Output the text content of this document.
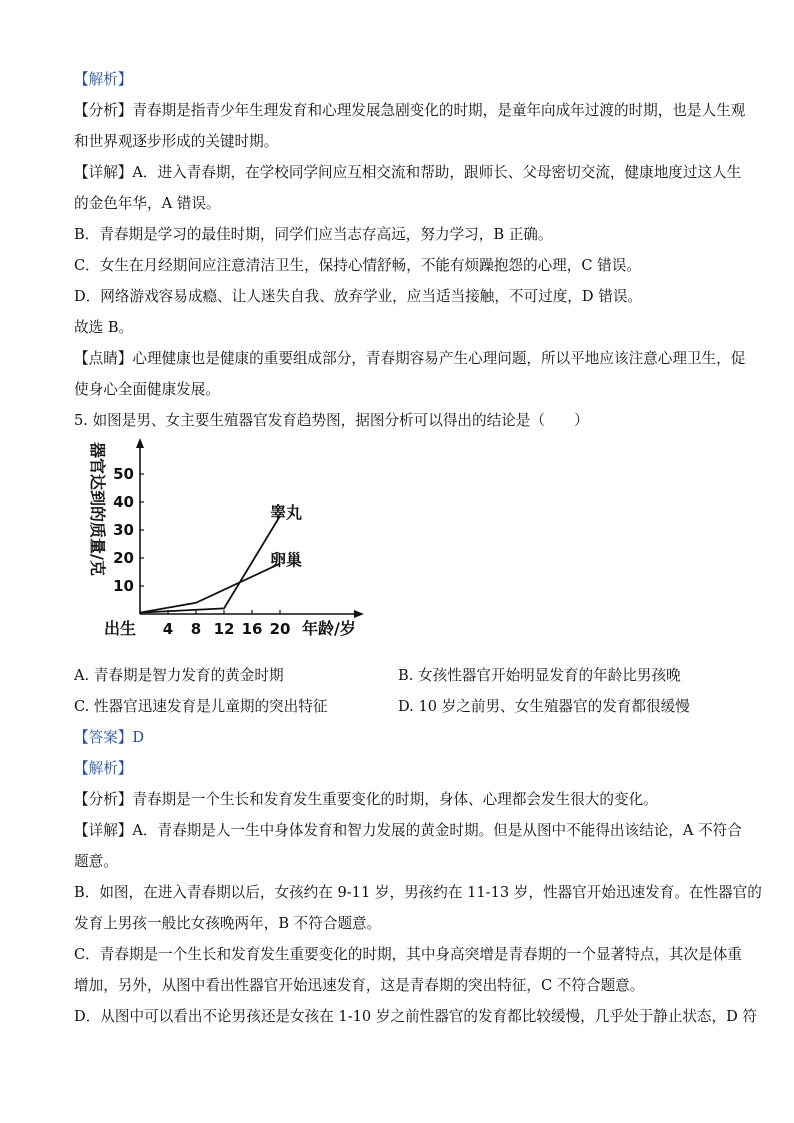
【解析】
【分析】青春期是指青少年生理发育和心理发展急剧变化的时期，是童年向成年过渡的时期，也是人生观
和世界观逐步形成的关键时期。
【详解】A．进入青春期，在学校同学间应互相交流和帮助，跟师长、父母密切交流，健康地度过这人生
的金色年华，A 错误。
B．青春期是学习的最佳时期，同学们应当志存高远，努力学习，B 正确。
C．女生在月经期间应注意清洁卫生，保持心情舒畅，不能有烦躁抱怨的心理，C 错误。
D．网络游戏容易成瘾、让人迷失自我、放弃学业，应当适当接触，不可过度，D 错误。
故选 B。
【点睛】心理健康也是健康的重要组成部分，青春期容易产生心理问题，所以平地应该注意心理卫生，促
使身心全面健康发展。
5. 如图是男、女主要生殖器官发育趋势图，据图分析可以得出的结论是（　　）
器官达到的质量/克
出生	年龄/岁
10
20
30
40
50
4 8 12 16 20
睾丸
卵巢
A. 青春期是智力发育的黄金时期	B. 女孩性器官开始明显发育的年龄比男孩晚
C. 性器官迅速发育是儿童期的突出特征	D. 10 岁之前男、女生殖器官的发育都很缓慢
【答案】D
【解析】
【分析】青春期是一个生长和发育发生重要变化的时期，身体、心理都会发生很大的变化。
【详解】A．青春期是人一生中身体发育和智力发展的黄金时期。但是从图中不能得出该结论，A 不符合
题意。
B．如图，在进入青春期以后，女孩约在 9-11 岁，男孩约在 11-13 岁，性器官开始迅速发育。在性器官的
发育上男孩一般比女孩晚两年，B 不符合题意。
C．青春期是一个生长和发育发生重要变化的时期，其中身高突增是青春期的一个显著特点，其次是体重
增加，另外，从图中看出性器官开始迅速发育，这是青春期的突出特征，C 不符合题意。
D．从图中可以看出不论男孩还是女孩在 1-10 岁之前性器官的发育都比较缓慢，几乎处于静止状态，D 符
